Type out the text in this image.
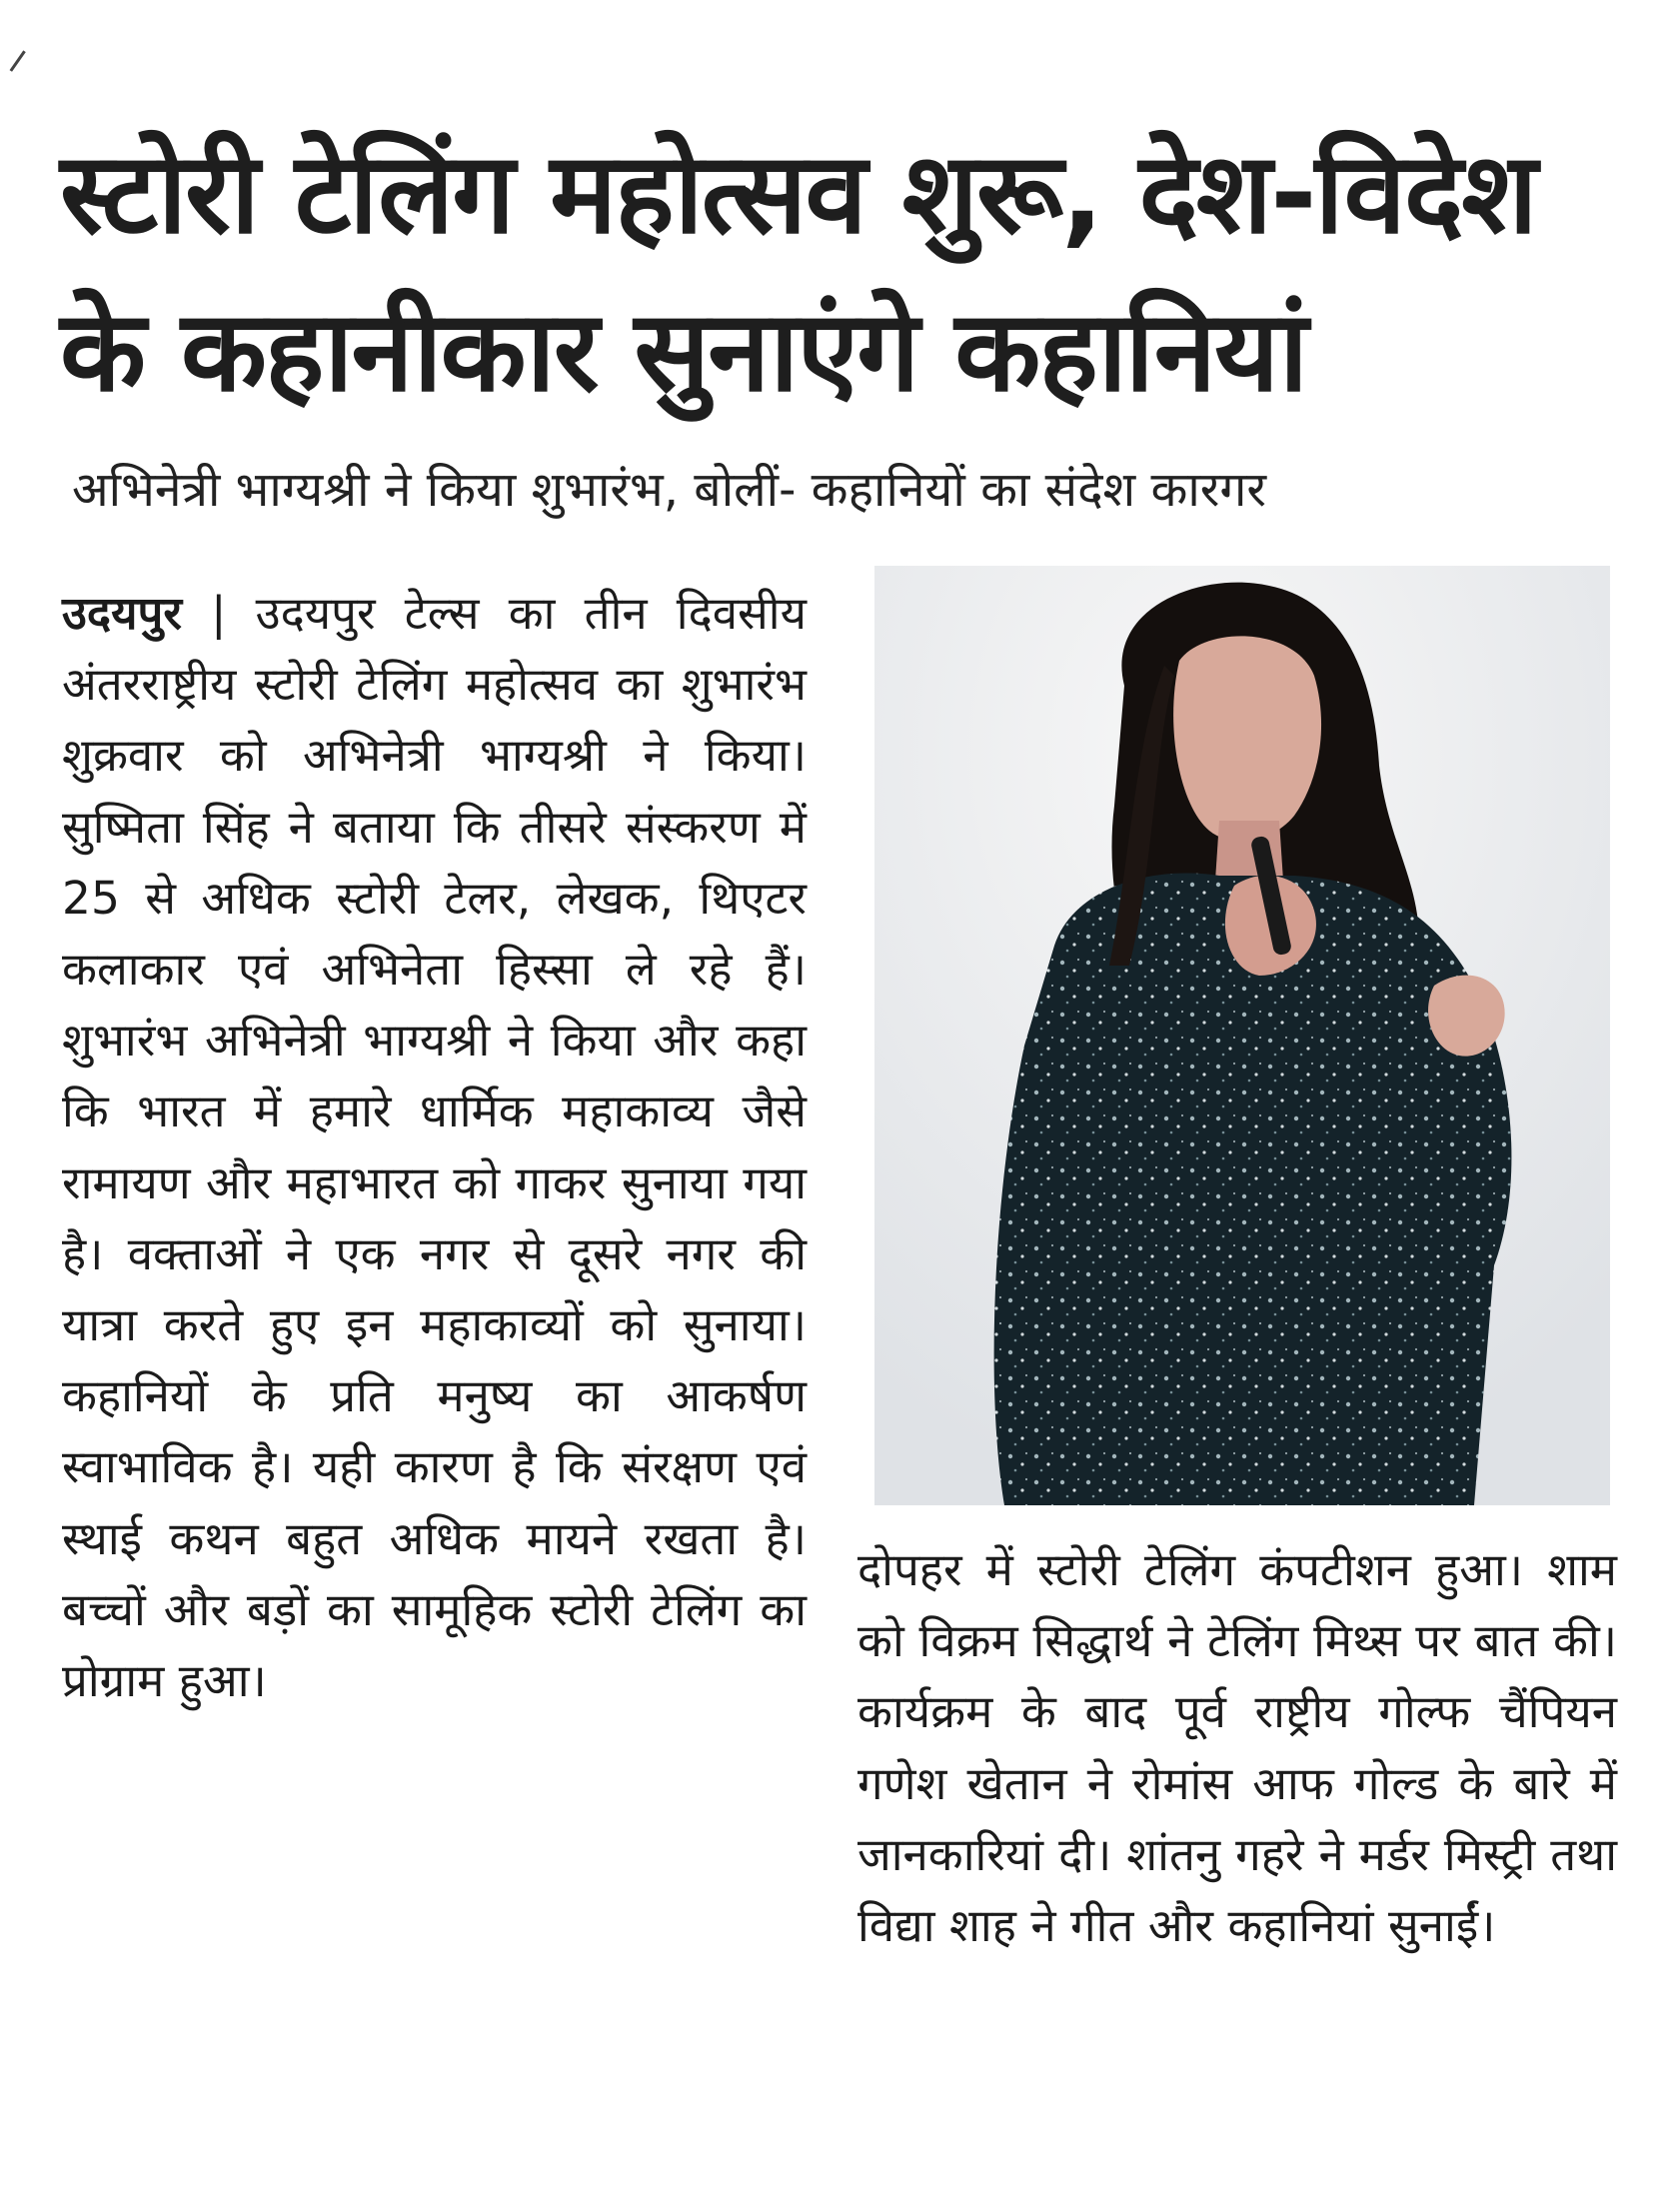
स्टोरी टेलिंग महोत्सव शुरू, देश-विदेश
के कहानीकार सुनाएंगे कहानियां

अभिनेत्री भाग्यश्री ने किया शुभारंभ, बोलीं- कहानियों का संदेश कारगर

उदयपुर | उदयपुर टेल्स का तीन दिवसीय अंतरराष्ट्रीय स्टोरी टेलिंग महोत्सव का शुभारंभ शुक्रवार को अभिनेत्री भाग्यश्री ने किया। सुष्मिता सिंह ने बताया कि तीसरे संस्करण में 25 से अधिक स्टोरी टेलर, लेखक, थिएटर कलाकार एवं अभिनेता हिस्सा ले रहे हैं। शुभारंभ अभिनेत्री भाग्यश्री ने किया और कहा कि भारत में हमारे धार्मिक महाकाव्य जैसे रामायण और महाभारत को गाकर सुनाया गया है। वक्ताओं ने एक नगर से दूसरे नगर की यात्रा करते हुए इन महाकाव्यों को सुनाया। कहानियों के प्रति मनुष्य का आकर्षण स्वाभाविक है। यही कारण है कि संरक्षण एवं स्थाई कथन बहुत अधिक मायने रखता है। बच्चों और बड़ों का सामूहिक स्टोरी टेलिंग का प्रोग्राम हुआ।

दोपहर में स्टोरी टेलिंग कंपटीशन हुआ। शाम को विक्रम सिद्धार्थ ने टेलिंग मिथ्स पर बात की। कार्यक्रम के बाद पूर्व राष्ट्रीय गोल्फ चैंपियन गणेश खेतान ने रोमांस आफ गोल्ड के बारे में जानकारियां दी। शांतनु गहरे ने मर्डर मिस्ट्री तथा विद्या शाह ने गीत और कहानियां सुनाईं।
